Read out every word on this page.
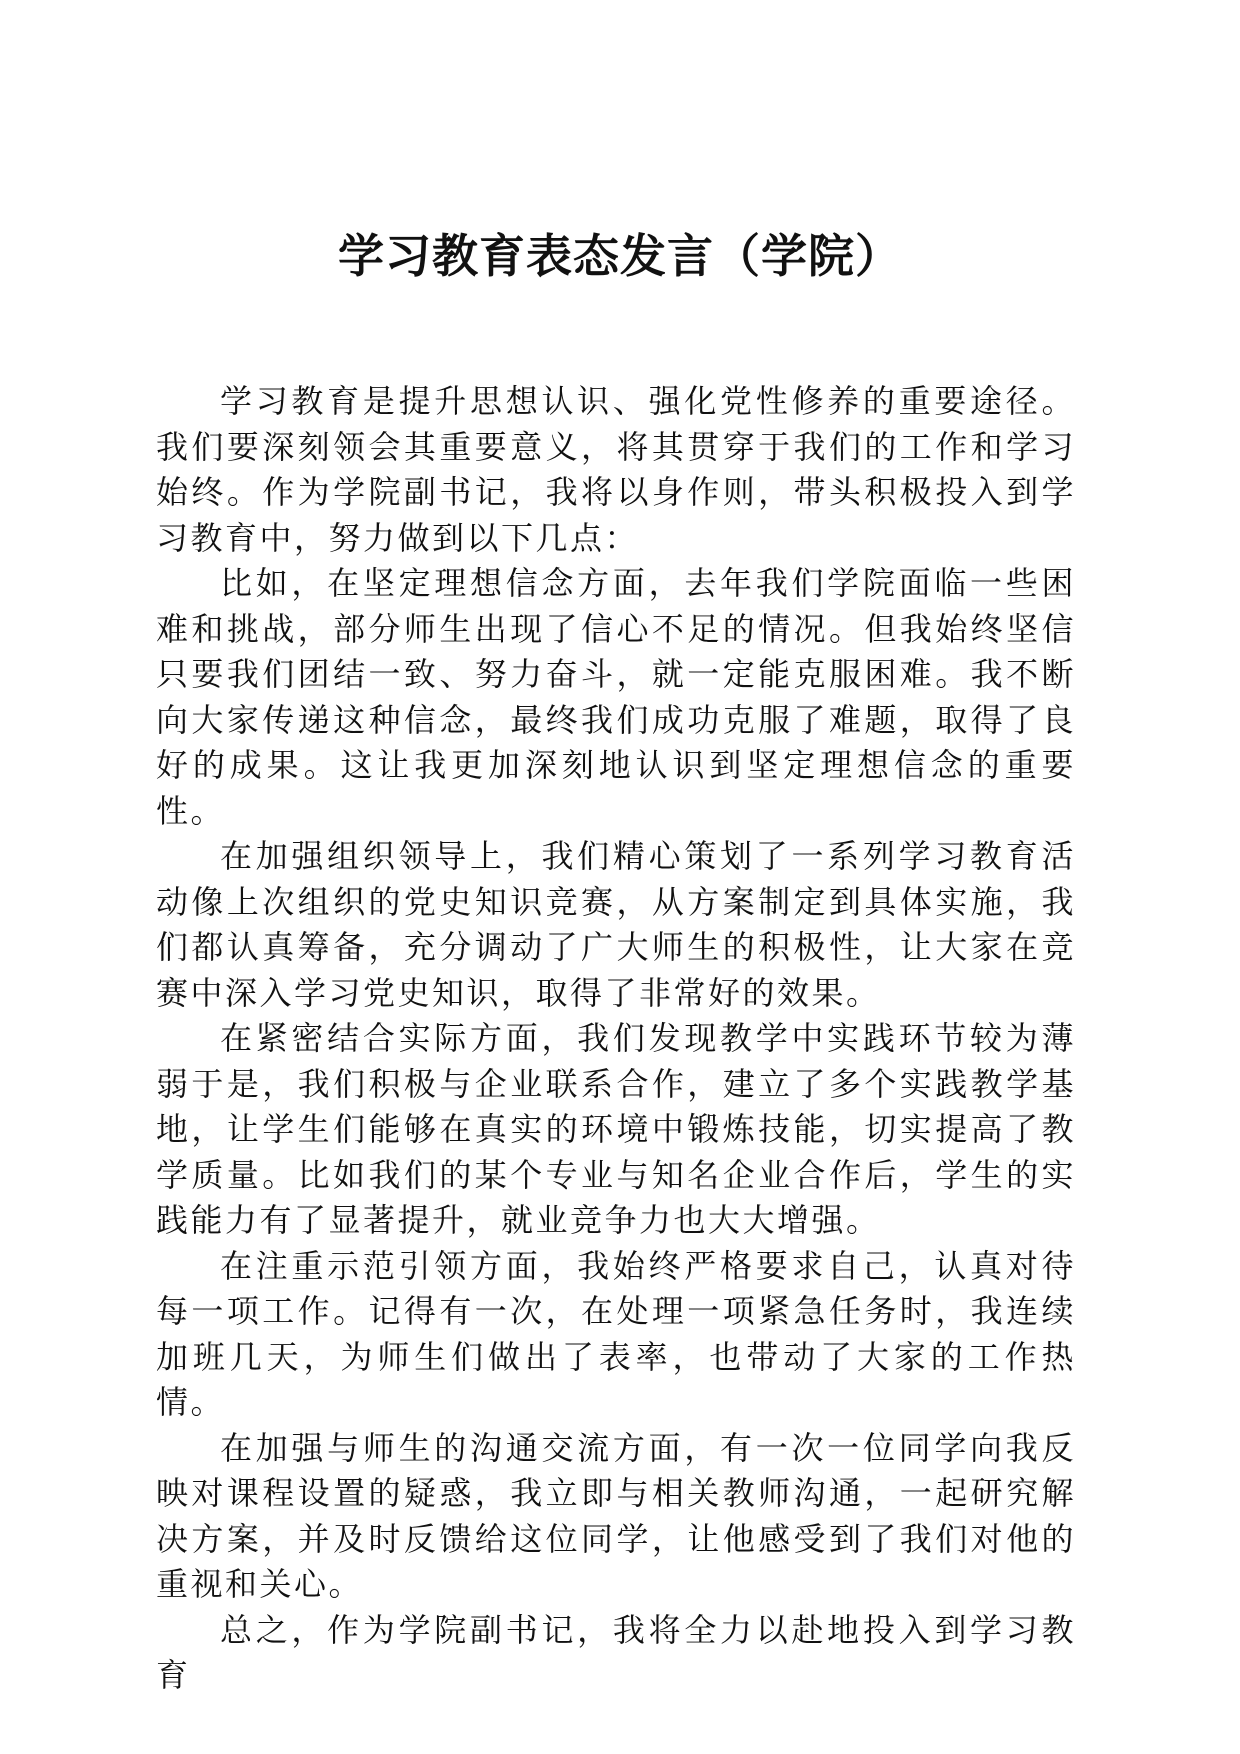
学习教育表态发言（学院）

学习教育是提升思想认识、强化党性修养的重要途径。我们要深刻领会其重要意义，将其贯穿于我们的工作和学习始终。作为学院副书记，我将以身作则，带头积极投入到学习教育中，努力做到以下几点：

比如，在坚定理想信念方面，去年我们学院面临一些困难和挑战，部分师生出现了信心不足的情况。但我始终坚信只要我们团结一致、努力奋斗，就一定能克服困难。我不断向大家传递这种信念，最终我们成功克服了难题，取得了良好的成果。这让我更加深刻地认识到坚定理想信念的重要性。

在加强组织领导上，我们精心策划了一系列学习教育活动像上次组织的党史知识竞赛，从方案制定到具体实施，我们都认真筹备，充分调动了广大师生的积极性，让大家在竞赛中深入学习党史知识，取得了非常好的效果。

在紧密结合实际方面，我们发现教学中实践环节较为薄弱于是，我们积极与企业联系合作，建立了多个实践教学基地，让学生们能够在真实的环境中锻炼技能，切实提高了教学质量。比如我们的某个专业与知名企业合作后，学生的实践能力有了显著提升，就业竞争力也大大增强。

在注重示范引领方面，我始终严格要求自己，认真对待每一项工作。记得有一次，在处理一项紧急任务时，我连续加班几天，为师生们做出了表率，也带动了大家的工作热情。

在加强与师生的沟通交流方面，有一次一位同学向我反映对课程设置的疑惑，我立即与相关教师沟通，一起研究解决方案，并及时反馈给这位同学，让他感受到了我们对他的重视和关心。

总之，作为学院副书记，我将全力以赴地投入到学习教育
